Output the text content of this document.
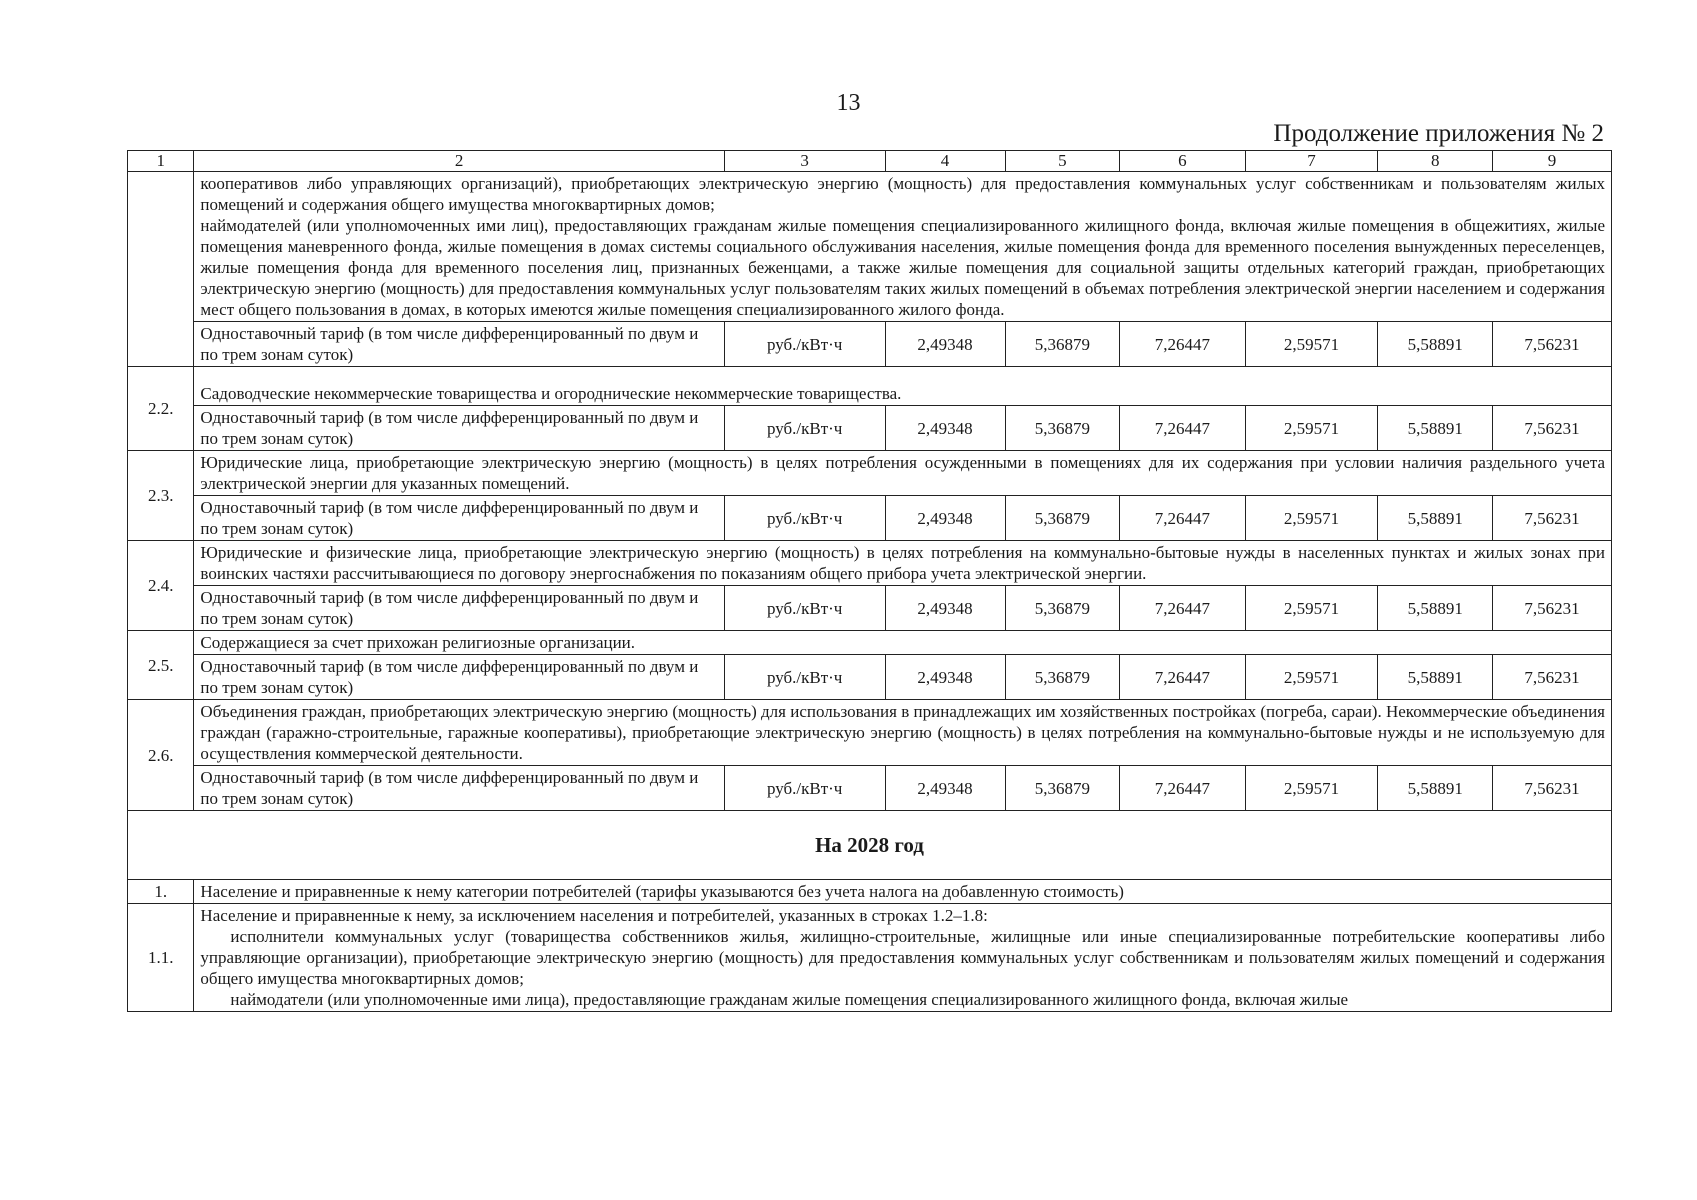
13
Продолжение приложения № 2
1	2	3	4	5	6	7	8	9
	кооперативов либо управляющих организаций), приобретающих электрическую энергию (мощность) для предоставления коммунальных услуг собственникам и пользователям жилых помещений и содержания общего имущества многоквартирных домов;
наймодателей (или уполномоченных ими лиц), предоставляющих гражданам жилые помещения специализированного жилищного фонда, включая жилые помещения в общежитиях, жилые помещения маневренного фонда, жилые помещения в домах системы социального обслуживания населения, жилые помещения фонда для временного поселения вынужденных переселенцев, жилые помещения фонда для временного поселения лиц, признанных беженцами, а также жилые помещения для социальной защиты отдельных категорий граждан, приобретающих электрическую энергию (мощность) для предоставления коммунальных услуг пользователям таких жилых помещений в объемах потребления электрической энергии населением и содержания мест общего пользования в домах, в которых имеются жилые помещения специализированного жилого фонда.							

	Одноставочный тариф (в том числе дифференцированный по двум и по трем зонам суток)	руб./кВт·ч	2,49348	5,36879	7,26447	2,59571	5,58891	7,56231
2.2.	Садоводческие некоммерческие товарищества и огороднические некоммерческие товарищества.							
	Одноставочный тариф (в том числе дифференцированный по двум и по трем зонам суток)	руб./кВт·ч	2,49348	5,36879	7,26447	2,59571	5,58891	7,56231
2.3.	Юридические лица, приобретающие электрическую энергию (мощность) в целях потребления осужденными в помещениях для их содержания при условии наличия раздельного учета электрической энергии для указанных помещений.							
	Одноставочный тариф (в том числе дифференцированный по двум и по трем зонам суток)	руб./кВт·ч	2,49348	5,36879	7,26447	2,59571	5,58891	7,56231
2.4.	Юридические и физические лица, приобретающие электрическую энергию (мощность) в целях потребления на коммунально-бытовые нужды в населенных пунктах и жилых зонах при воинских частяхи рассчитывающиеся по договору энергоснабжения по показаниям общего прибора учета электрической энергии.							
	Одноставочный тариф (в том числе дифференцированный по двум и по трем зонам суток)	руб./кВт·ч	2,49348	5,36879	7,26447	2,59571	5,58891	7,56231
2.5.	Содержащиеся за счет прихожан религиозные организации.							
	Одноставочный тариф (в том числе дифференцированный по двум и по трем зонам суток)	руб./кВт·ч	2,49348	5,36879	7,26447	2,59571	5,58891	7,56231
2.6.	Объединения граждан, приобретающих электрическую энергию (мощность) для использования в принадлежащих им хозяйственных постройках (погреба, сараи). Некоммерческие объединения граждан (гаражно-строительные, гаражные кооперативы), приобретающие электрическую энергию (мощность) в целях потребления на коммунально-бытовые нужды и не используемую для осуществления коммерческой деятельности.							
	Одноставочный тариф (в том числе дифференцированный по двум и по трем зонам суток)	руб./кВт·ч	2,49348	5,36879	7,26447	2,59571	5,58891	7,56231
На 2028 год								
1.	Население и приравненные к нему категории потребителей (тарифы указываются без учета налога на добавленную стоимость)							
1.1.	Население и приравненные к нему, за исключением населения и потребителей, указанных в строках 1.2–1.8:
исполнители коммунальных услуг (товарищества собственников жилья, жилищно-строительные, жилищные или иные специализированные потребительские кооперативы либо управляющие организации), приобретающие электрическую энергию (мощность) для предоставления коммунальных услуг собственникам и пользователям жилых помещений и содержания общего имущества многоквартирных домов;
наймодатели (или уполномоченные ими лица), предоставляющие гражданам жилые помещения специализированного жилищного фонда, включая жилые							
